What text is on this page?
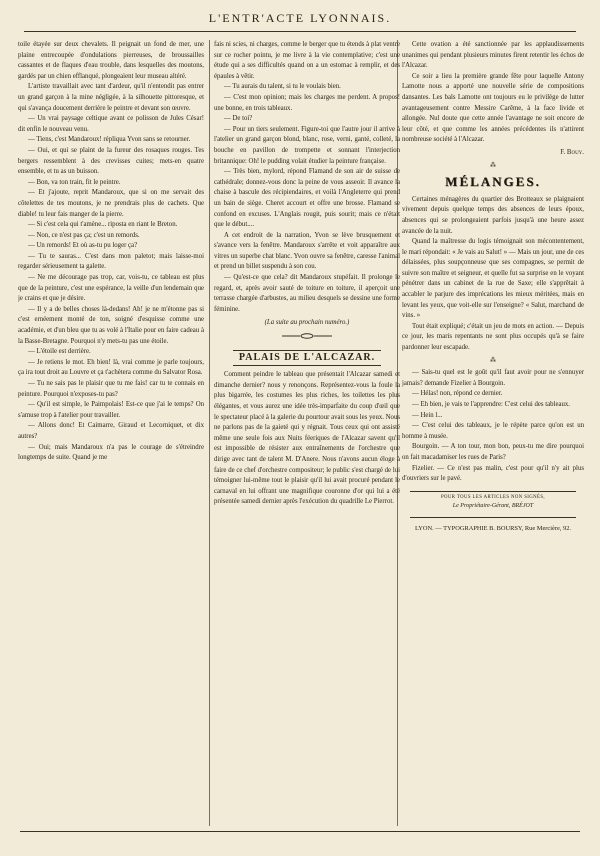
L'ENTR'ACTE LYONNAIS.

toile étayée sur deux chevalets. Il peignait un fond de mer, une plaine entrecoupée d'ondulations pierreuses, de broussailles cassantes et de flaques d'eau trouble, dans lesquelles des moutons, gardés par un chien efflanqué, plongeaient leur museau altéré.

L'artiste travaillait avec tant d'ardeur, qu'il n'entendit pas entrer un grand garçon à la mine négligée, à la silhouette pittoresque, et qui s'avança doucement derrière le peintre et devant son œuvre.

— Un vrai paysage celtique avant ce polisson de Jules César! dit enfin le nouveau venu.

— Tiens, c'est Mandaroux! répliqua Yvon sans se retourner.

— Oui, et qui se plaint de la fureur des rosaques rouges. Tes bergers ressemblent à des crevisses cuites; mets-en quatre ensemble, et tu as un buisson.

— Bon, va ton train, fit le peintre.

— Et j'ajoute, reprit Mandaroux, que si on me servait des côtelettes de tes moutons, je ne prendrais plus de cachets. Que diable! tu leur fais manger de la pierre.

— Si c'est cela qui t'amène... riposta en riant le Breton.

— Non, ce n'est pas ça; c'est un remords.

— Un remords! Et où as-tu pu loger ça?

— Tu te sauras... C'est dans mon paletot; mais laisse-moi regarder sérieusement ta galette.

— Ne me décourage pas trop, car, vois-tu, ce tableau est plus que de la peinture, c'est une espérance, la veille d'un lendemain que je crains et que je désire.

— Il y a de belles choses là-dedans! Ah! je ne m'étonne pas si c'est ernéement monté de ton, soigné d'esquisse comme une académie, et d'un bleu que tu as volé à l'Italie pour en faire cadeau à la Basse-Bretagne. Pourquoi n'y mets-tu pas une étoile.

— L'étoile est derrière.

— Je retiens le mot. Eh bien! là, vrai comme je parle toujours, ça ira tout droit au Louvre et ça t'achètera comme du Salvator Rosa.

— Tu ne sais pas le plaisir que tu me fais! car tu te connais en peinture. Pourquoi n'exposes-tu pas?

— Qu'il est simple, le Paimpolais! Est-ce que j'ai le temps? On s'amuse trop à l'atelier pour travailler.

— Allons donc! Et Caimarre, Giraud et Lecorniquet, et dix autres?

— Oui; mais Mandaroux n'a pas le courage de s'étreindre longtemps de suite. Quand je me

fais ni scies, ni charges, comme le berger que tu étends à plat ventre sur ce rocher pointu, je me livre à la vie contemplative; c'est une étude qui a ses difficultés quand on a un estomac à remplir, et des épaules à vêtir.

— Tu aurais du talent, si tu le voulais bien.

— C'est mon opinion; mais les charges me perdent. A propos! une bonne, en trois tableaux.

— De toi?

— Pour un tiers seulement. Figure-toi que l'autre jour il arrive à l'atelier un grand garçon blond, blanc, rose, verni, ganté, colleté, la bouche en pavillon de trompette et sonnant l'interjection britannique: Oh! le pudding volait étudier la peinture française.

— Très bien, mylord, répond Flamand de son air de suisse de cathédrale; donnez-vous donc la peine de vous asseoir. Il avance la chaise à bascule des récipiendaires, et voilà l'Angleterre qui prend un bain de siège. Cheret accourt et offre une brosse. Flamand se confond en excuses. L'Anglais rougit, puis sourit; mais ce n'était que le début....

A cet endroit de la narration, Yvon se lève brusquement et s'avance vers la fenêtre. Mandaroux s'arrête et voit apparaître aux vitres un superbe chat blanc. Yvon ouvre sa fenêtre, caresse l'animal et prend un billet suspendu à son cou.

— Qu'est-ce que cela? dit Mandaroux stupéfait. Il prolonge le regard, et, après avoir sauté de toiture en toiture, il aperçoit une terrasse chargée d'arbustes, au milieu desquels se dessine une forme féminine.

(La suite au prochain numéro.)
PALAIS DE L'ALCAZAR.

Comment peindre le tableau que présentait l'Alcazar samedi et dimanche dernier? nous y renonçons. Représentez-vous la foule la plus bigarrée, les costumes les plus riches, les toilettes les plus élégantes, et vous aurez une idée très-imparfaite du coup d'œil que le spectateur placé à la galerie du pourtour avait sous les yeux. Nous ne parlons pas de la gaieté qui y régnait. Tous ceux qui ont assisté même une seule fois aux Nuits féeriques de l'Alcazar savent qu'il est impossible de résister aux entraînements de l'orchestre que dirige avec tant de talent M. D'Anere. Nous n'avons aucun éloge à faire de ce chef d'orchestre compositeur; le public s'est chargé de lui témoigner lui-même tout le plaisir qu'il lui avait procuré pendant le carnaval en lui offrant une magnifique couronne d'or qui lui a été présentée samedi dernier après l'exécution du quadrille Le Pierrot.

Cette ovation a été sanctionnée par les applaudissements unanimes qui pendant plusieurs minutes firent retentir les échos de l'Alcazar.

Ce soir a lieu la première grande fête pour laquelle Antony Lamotte nous a apporté une nouvelle série de compositions dansantes. Les bals Lamotte ont toujours eu le privilège de lutter avantageusement contre Messire Carême, à la face livide et allongée. Nul doute que cette année l'avantage ne soit encore de leur côté, et que comme les années précédentes ils n'attirent nombreuse société à l'Alcazar.

F. Bouy.
⁂
MÉLANGES.

Certaines ménagères du quartier des Brotteaux se plaignaient vivement depuis quelque temps des absences de leurs époux, absences qui se prolongeaient parfois jusqu'à une heure assez avancée de la nuit.

Quand la maîtresse du logis témoignait son mécontentement, le mari répondait: « Je vais au Salut! » — Mais un jour, une de ces délaissées, plus soupçonneuse que ses compagnes, se permit de suivre son maître et seigneur, et quelle fut sa surprise en le voyant pénétrer dans un cabinet de la rue de Saxe; elle s'apprêtait à accabler le parjure des imprécations les mieux méritées, mais en levant les yeux, que voit-elle sur l'enseigne? « Salut, marchand de vins. »

Tout était expliqué; c'était un jeu de mots en action. — Depuis ce jour, les maris repentants ne sont plus occupés qu'à se faire pardonner leur escapade.

⁂

— Sais-tu quel est le goût qu'il faut avoir pour ne s'ennuyer jamais? demande Fizelier à Bourgoin.

— Hélas! non, répond ce dernier.

— Eh bien, je vais te l'apprendre: C'est celui des tableaux.

— Hein l...

— C'est celui des tableaux, je le répète parce qu'on est un homme à musée.

Bourgoin. — A ton tour, mon bon, peux-tu me dire pourquoi on fait macadamiser les rues de Paris?

Fizelier. — Ce n'est pas malin, c'est pour qu'il n'y ait plus d'ouvriers sur le pavé.

POUR TOUS LES ARTICLES NON SIGNÉS,
Le Propriétaire-Gérant, BRÉJOT
LYON. — TYPOGRAPHIE B. BOURSY, Rue Mercière, 92.
